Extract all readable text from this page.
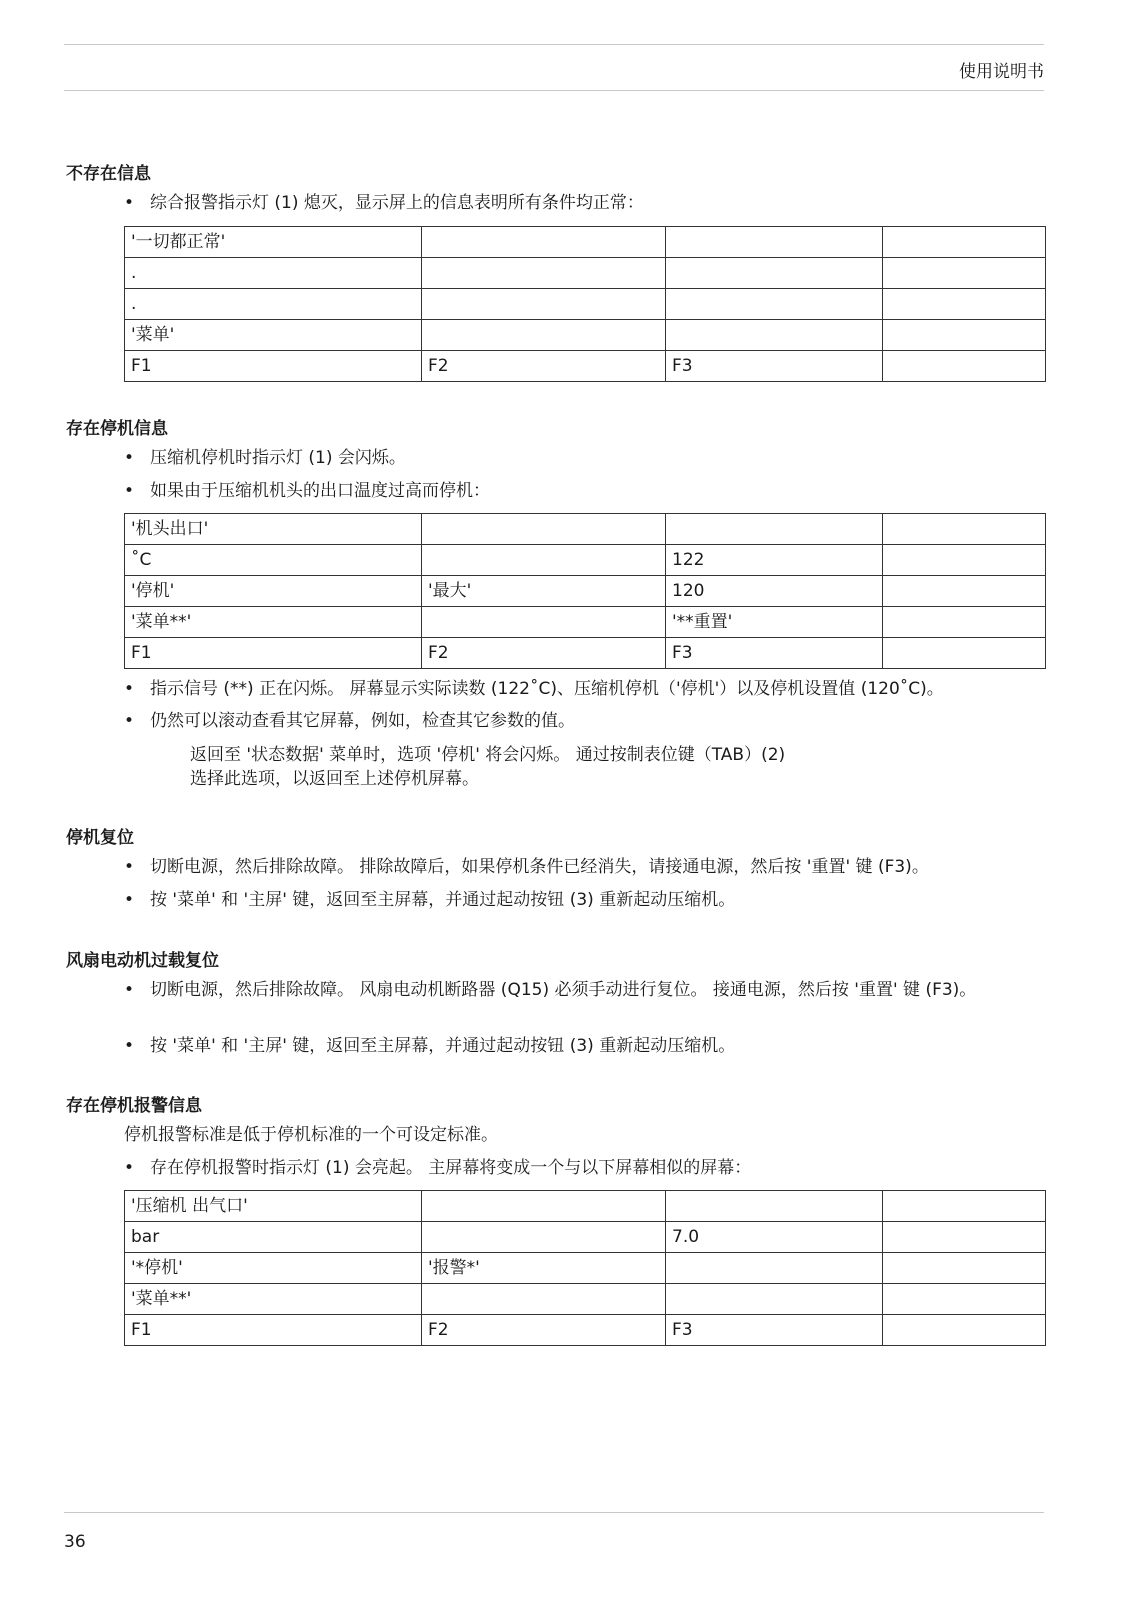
使用说明书
不存在信息
• 综合报警指示灯 (1) 熄灭，显示屏上的信息表明所有条件均正常：
'一切都正常'			
.			
.			
'菜单'			
F1	F2	F3	
存在停机信息
• 压缩机停机时指示灯 (1) 会闪烁。
• 如果由于压缩机机头的出口温度过高而停机：
'机头出口'			
˚C		122	
'停机'	'最大'	120	
'菜单**'		'**重置'	
F1	F2	F3	
• 指示信号 (**) 正在闪烁。 屏幕显示实际读数 (122˚C)、压缩机停机（'停机'）以及停机设置值 (120˚C)。
• 仍然可以滚动查看其它屏幕，例如，检查其它参数的值。
返回至 '状态数据' 菜单时，选项 '停机' 将会闪烁。 通过按制表位键（TAB）(2)
选择此选项，以返回至上述停机屏幕。
停机复位
• 切断电源，然后排除故障。 排除故障后，如果停机条件已经消失，请接通电源，然后按 '重置' 键 (F3)。
• 按 '菜单' 和 '主屏' 键，返回至主屏幕，并通过起动按钮 (3) 重新起动压缩机。
风扇电动机过载复位
• 切断电源，然后排除故障。 风扇电动机断路器 (Q15) 必须手动进行复位。 接通电源，然后按 '重置' 键 (F3)。
• 按 '菜单' 和 '主屏' 键，返回至主屏幕，并通过起动按钮 (3) 重新起动压缩机。
存在停机报警信息
停机报警标准是低于停机标准的一个可设定标准。
• 存在停机报警时指示灯 (1) 会亮起。 主屏幕将变成一个与以下屏幕相似的屏幕：
'压缩机 出气口'			
bar		7.0	
'*停机'	'报警*'		
'菜单**'			
F1	F2	F3	
36
